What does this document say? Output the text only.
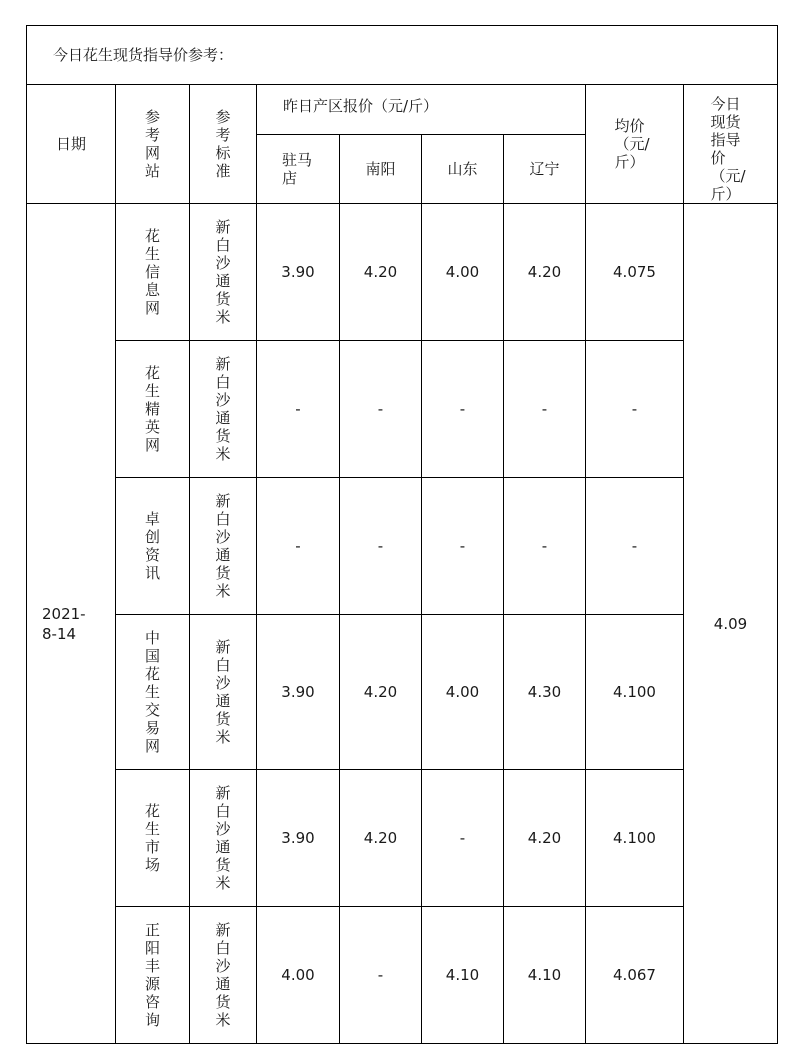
今日花生现货指导价参考：								
日期	参考网站	参考标准	昨日产区报价（元/斤）				均价（元/斤）	今日现货指导价（元/斤）
			驻马店	南阳	山东	辽宁		
2021-8-14	花生信息网	新白沙通货米	3.90	4.20	4.00	4.20	4.075	4.09
	花生精英网	新白沙通货米	-	-	-	-	-	
	卓创资讯	新白沙通货米	-	-	-	-	-	
	中国花生交易网	新白沙通货米	3.90	4.20	4.00	4.30	4.100	
	花生市场	新白沙通货米	3.90	4.20	-	4.20	4.100	
	正阳丰源咨询	新白沙通货米	4.00	-	4.10	4.10	4.067	
